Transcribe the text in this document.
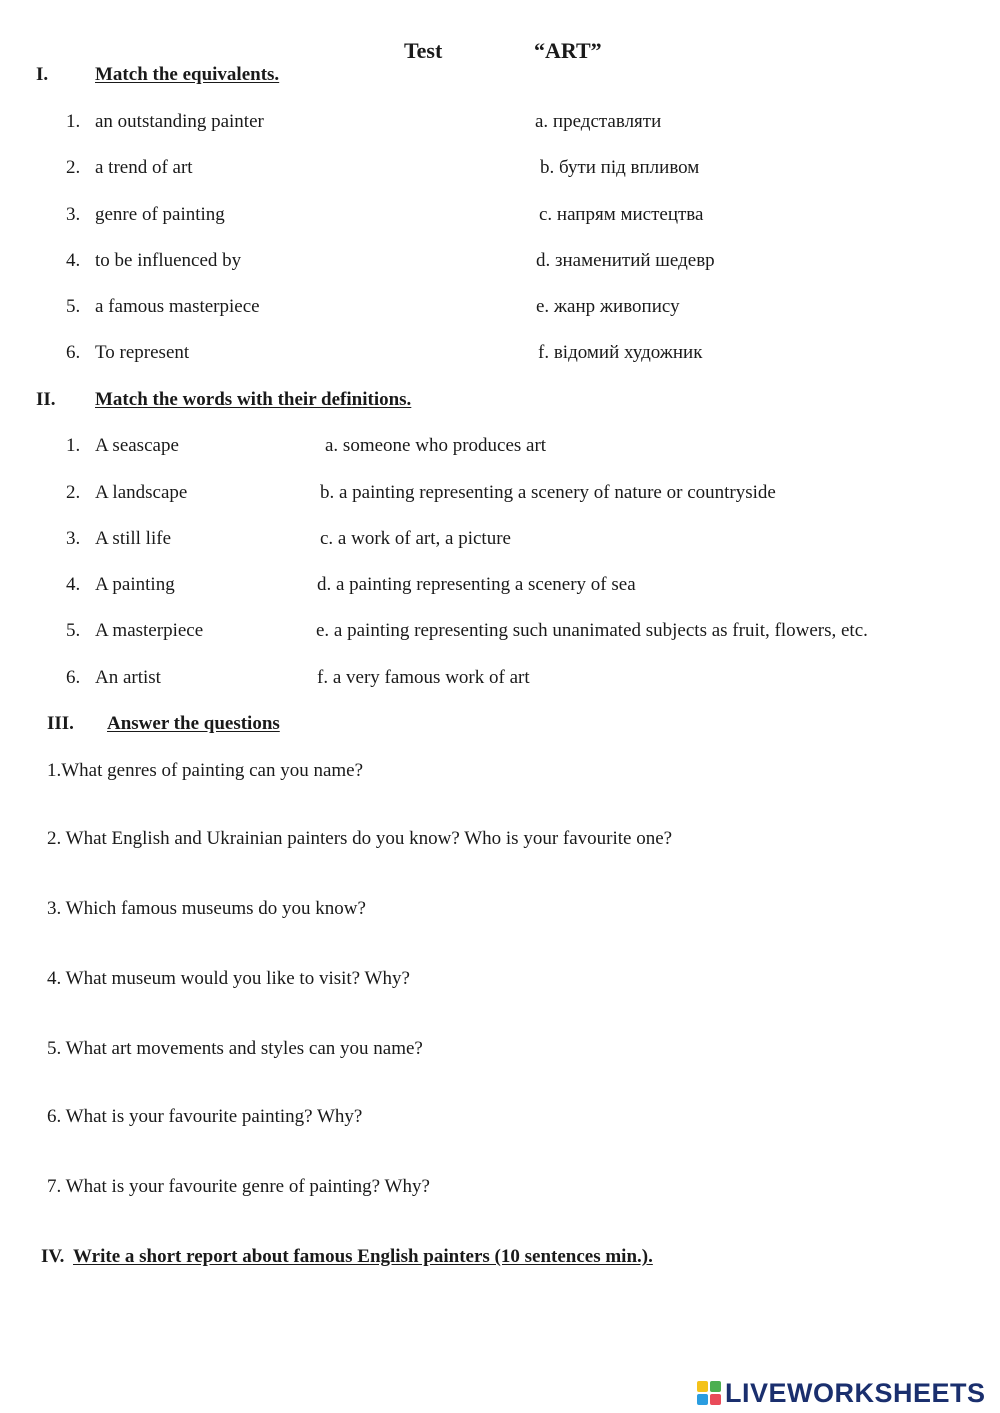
Test	“ART”
I. Match the equivalents.
1. an outstanding painter
2. a trend of art
3. genre of painting
4. to be influenced by
5. a famous masterpiece
6. To represent
a. представляти
b. бути під впливом
c. напрям мистецтва
d. знаменитий шедевр
e. жанр живопису
f. відомий художник
II. Match the words with their definitions.
1. A seascape
2. A landscape
3. A still life
4. A painting
5. A masterpiece
6. An artist
a. someone who produces art
b. a painting representing a scenery of nature or countryside
c. a work of art, a picture
d. a painting representing a scenery of sea
e. a painting representing such unanimated subjects as fruit, flowers, etc.
f. a very famous work of art
III. Answer the questions
1.What genres of painting can you name?
2. What English and Ukrainian painters do you know? Who is your favourite one?
3. Which famous museums do you know?
4. What museum would you like to visit? Why?
5. What art movements and styles can you name?
6. What is your favourite painting? Why?
7. What is your favourite genre of painting? Why?
IV. Write a short report about famous English painters (10 sentences min.).
LIVEWORKSHEETS
